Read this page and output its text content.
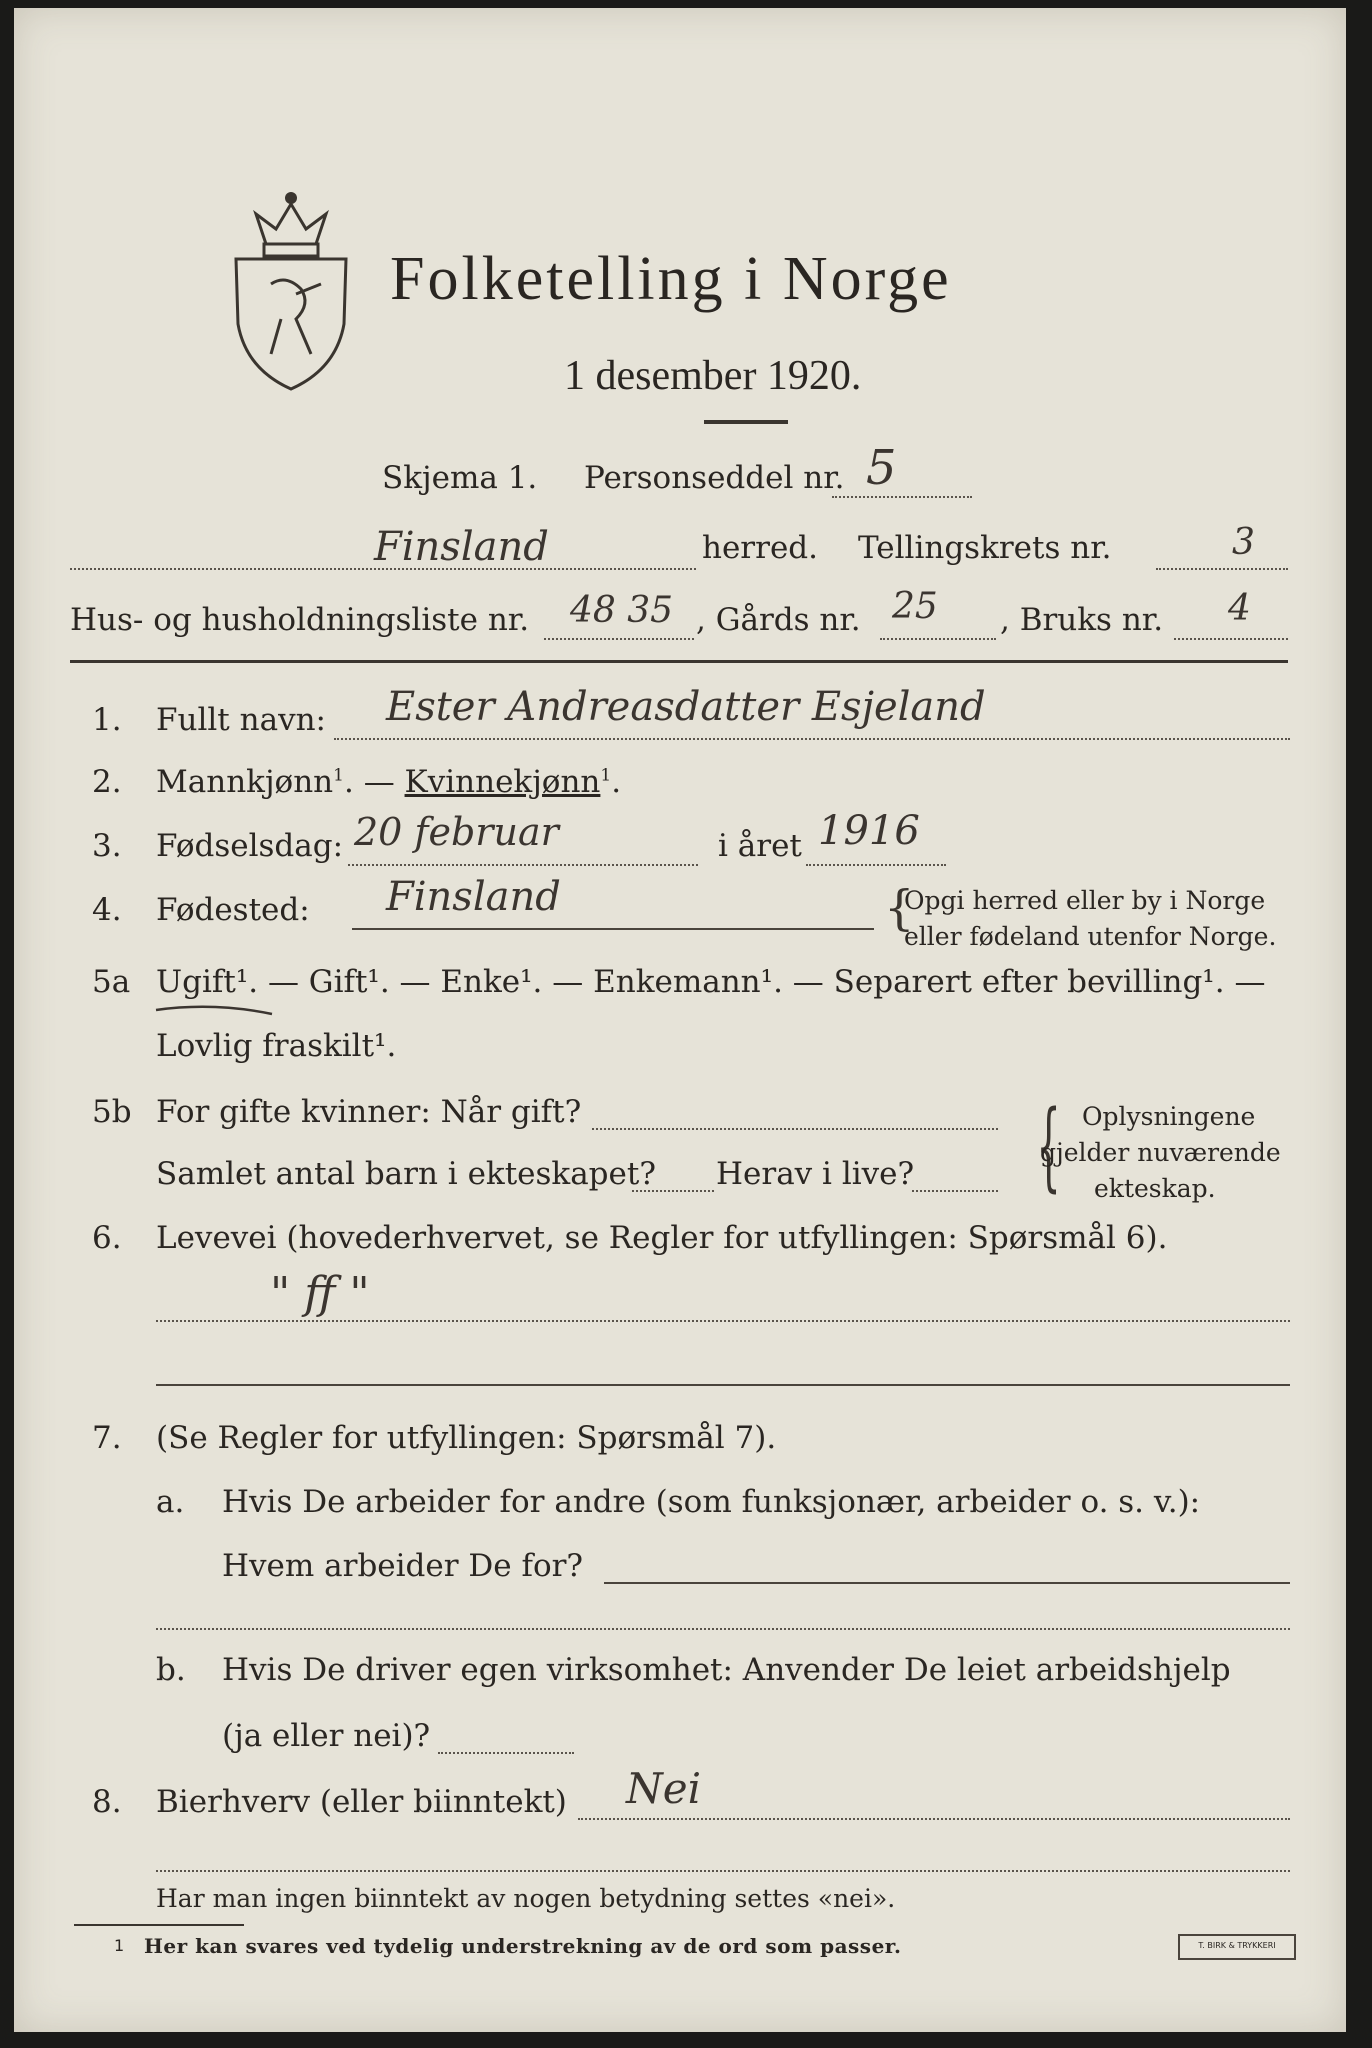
Folketelling i Norge
1 desember 1920.
Skjema 1. Personseddel nr. 5
Finsland	herred. Tellingskrets nr.	3
Hus- og husholdningsliste nr. 48 35 , Gårds nr. 25 , Bruks nr. 4
1. Fullt navn: Ester Andreasdatter Esjeland
2. Mannkjønn$^1$. — Kvinnekjønn$^1$.
3. Fødselsdag: 20 februar	i året 1916
4. Fødested: Finsland	{
Opgi herred eller by i Norge
eller fødeland utenfor Norge.
5a Ugift¹. — Gift¹. — Enke¹. — Enkemann¹. — Separert efter bevilling¹. —
Lovlig fraskilt¹.
5b For gifte kvinner: Når gift?
Samlet antal barn i ekteskapet? Herav i live? { Oplysningene
gjelder nuværende
ekteskap.
6. Levevei (hovederhvervet, se Regler for utfyllingen: Spørsmål 6).
" ff "
7. (Se Regler for utfyllingen: Spørsmål 7).
a. Hvis De arbeider for andre (som funksjonær, arbeider o. s. v.):
Hvem arbeider De for?
b. Hvis De driver egen virksomhet: Anvender De leiet arbeidshjelp
(ja eller nei)?
8. Bierhverv (eller biinntekt) Nei
Har man ingen biinntekt av nogen betydning settes «nei».
1 Her kan svares ved tydelig understrekning av de ord som passer.	T. BIRK & TRYKKERI
